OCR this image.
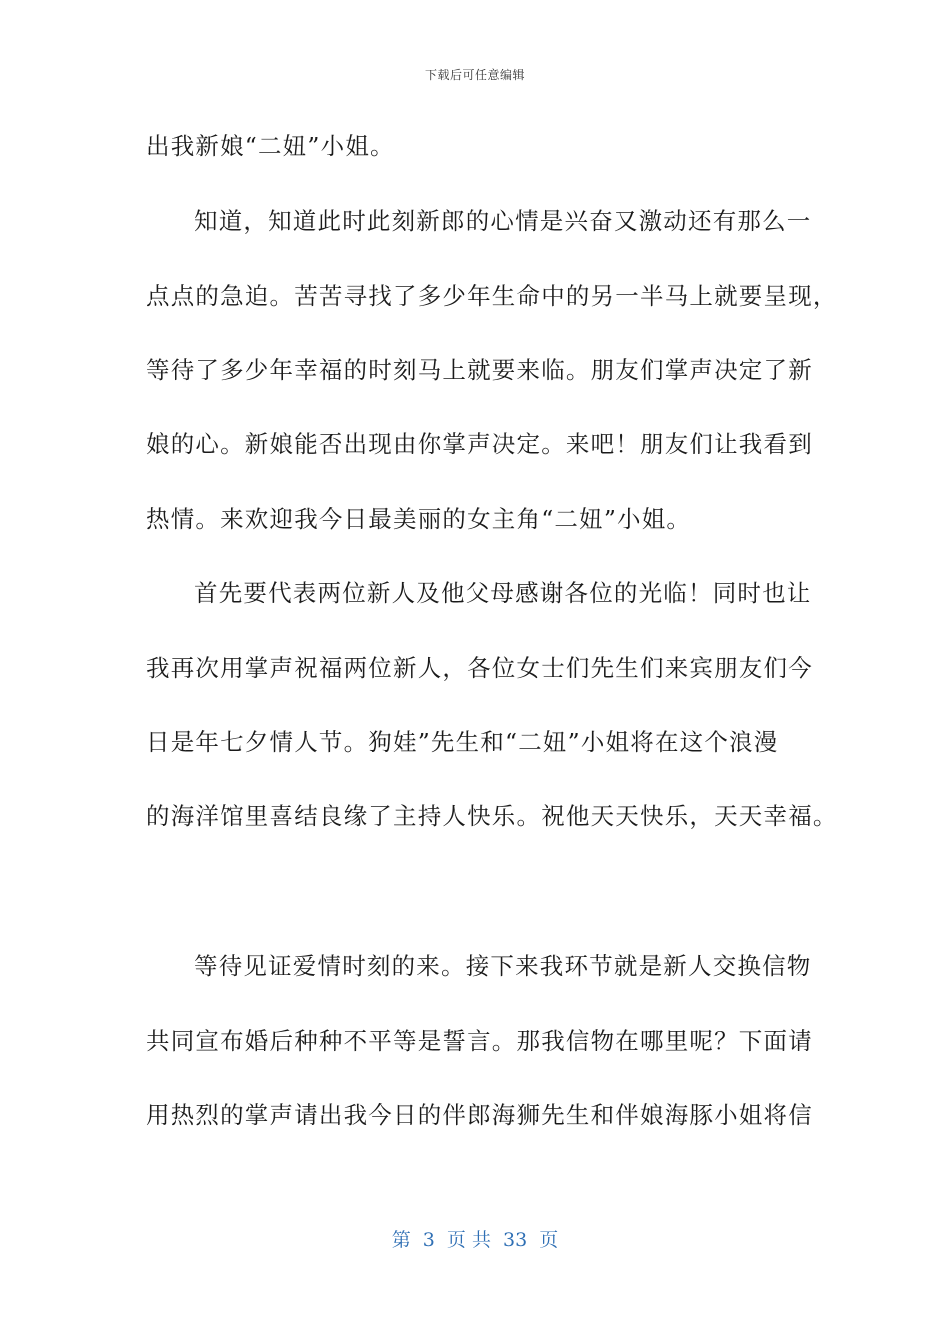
下载后可任意编辑
出我新娘“二妞”小姐。
知道，知道此时此刻新郎的心情是兴奋又激动还有那么一
点点的急迫。苦苦寻找了多少年生命中的另一半马上就要呈现，
等待了多少年幸福的时刻马上就要来临。朋友们掌声决定了新
娘的心。新娘能否出现由你掌声决定。来吧！朋友们让我看到
热情。来欢迎我今日最美丽的女主角“二妞”小姐。
首先要代表两位新人及他父母感谢各位的光临！同时也让
我再次用掌声祝福两位新人，各位女士们先生们来宾朋友们今
日是年七夕情人节。狗娃”先生和“二妞”小姐将在这个浪漫
的海洋馆里喜结良缘了主持人快乐。祝他天天快乐，天天幸福。
等待见证爱情时刻的来。接下来我环节就是新人交换信物
共同宣布婚后种种不平等是誓言。那我信物在哪里呢？下面请
用热烈的掌声请出我今日的伴郎海狮先生和伴娘海豚小姐将信
第 3 页 共 33 页
